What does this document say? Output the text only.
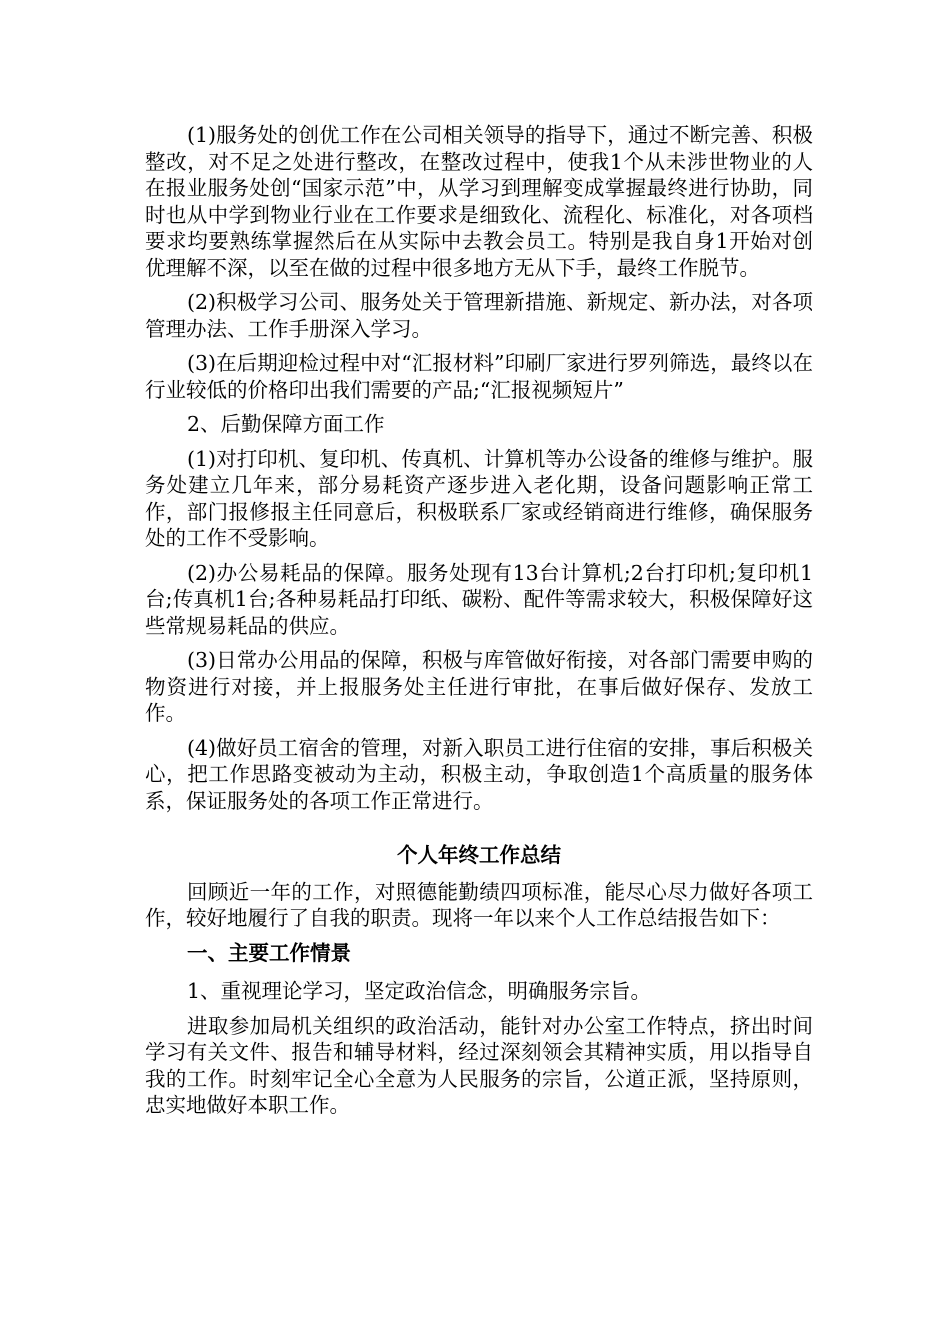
(1)服务处的创优工作在公司相关领导的指导下，通过不断完善、积极整改，对不足之处进行整改，在整改过程中，使我1个从未涉世物业的人在报业服务处创“国家示范”中，从学习到理解变成掌握最终进行协助，同时也从中学到物业行业在工作要求是细致化、流程化、标准化，对各项档要求均要熟练掌握然后在从实际中去教会员工。特别是我自身1开始对创优理解不深，以至在做的过程中很多地方无从下手，最终工作脱节。

(2)积极学习公司、服务处关于管理新措施、新规定、新办法，对各项管理办法、工作手册深入学习。

(3)在后期迎检过程中对“汇报材料”印刷厂家进行罗列筛选，最终以在行业较低的价格印出我们需要的产品;“汇报视频短片”

2、后勤保障方面工作

(1)对打印机、复印机、传真机、计算机等办公设备的维修与维护。服务处建立几年来，部分易耗资产逐步进入老化期，设备问题影响正常工作，部门报修报主任同意后，积极联系厂家或经销商进行维修，确保服务处的工作不受影响。

(2)办公易耗品的保障。服务处现有13台计算机;2台打印机;复印机1台;传真机1台;各种易耗品打印纸、碳粉、配件等需求较大，积极保障好这些常规易耗品的供应。

(3)日常办公用品的保障，积极与库管做好衔接，对各部门需要申购的物资进行对接，并上报服务处主任进行审批，在事后做好保存、发放工作。

(4)做好员工宿舍的管理，对新入职员工进行住宿的安排，事后积极关心，把工作思路变被动为主动，积极主动，争取创造1个高质量的服务体系，保证服务处的各项工作正常进行。

个人年终工作总结

回顾近一年的工作，对照德能勤绩四项标准，能尽心尽力做好各项工作，较好地履行了自我的职责。现将一年以来个人工作总结报告如下：

一、主要工作情景

1、重视理论学习，坚定政治信念，明确服务宗旨。

进取参加局机关组织的政治活动，能针对办公室工作特点，挤出时间学习有关文件、报告和辅导材料，经过深刻领会其精神实质，用以指导自我的工作。时刻牢记全心全意为人民服务的宗旨，公道正派，坚持原则，忠实地做好本职工作。
